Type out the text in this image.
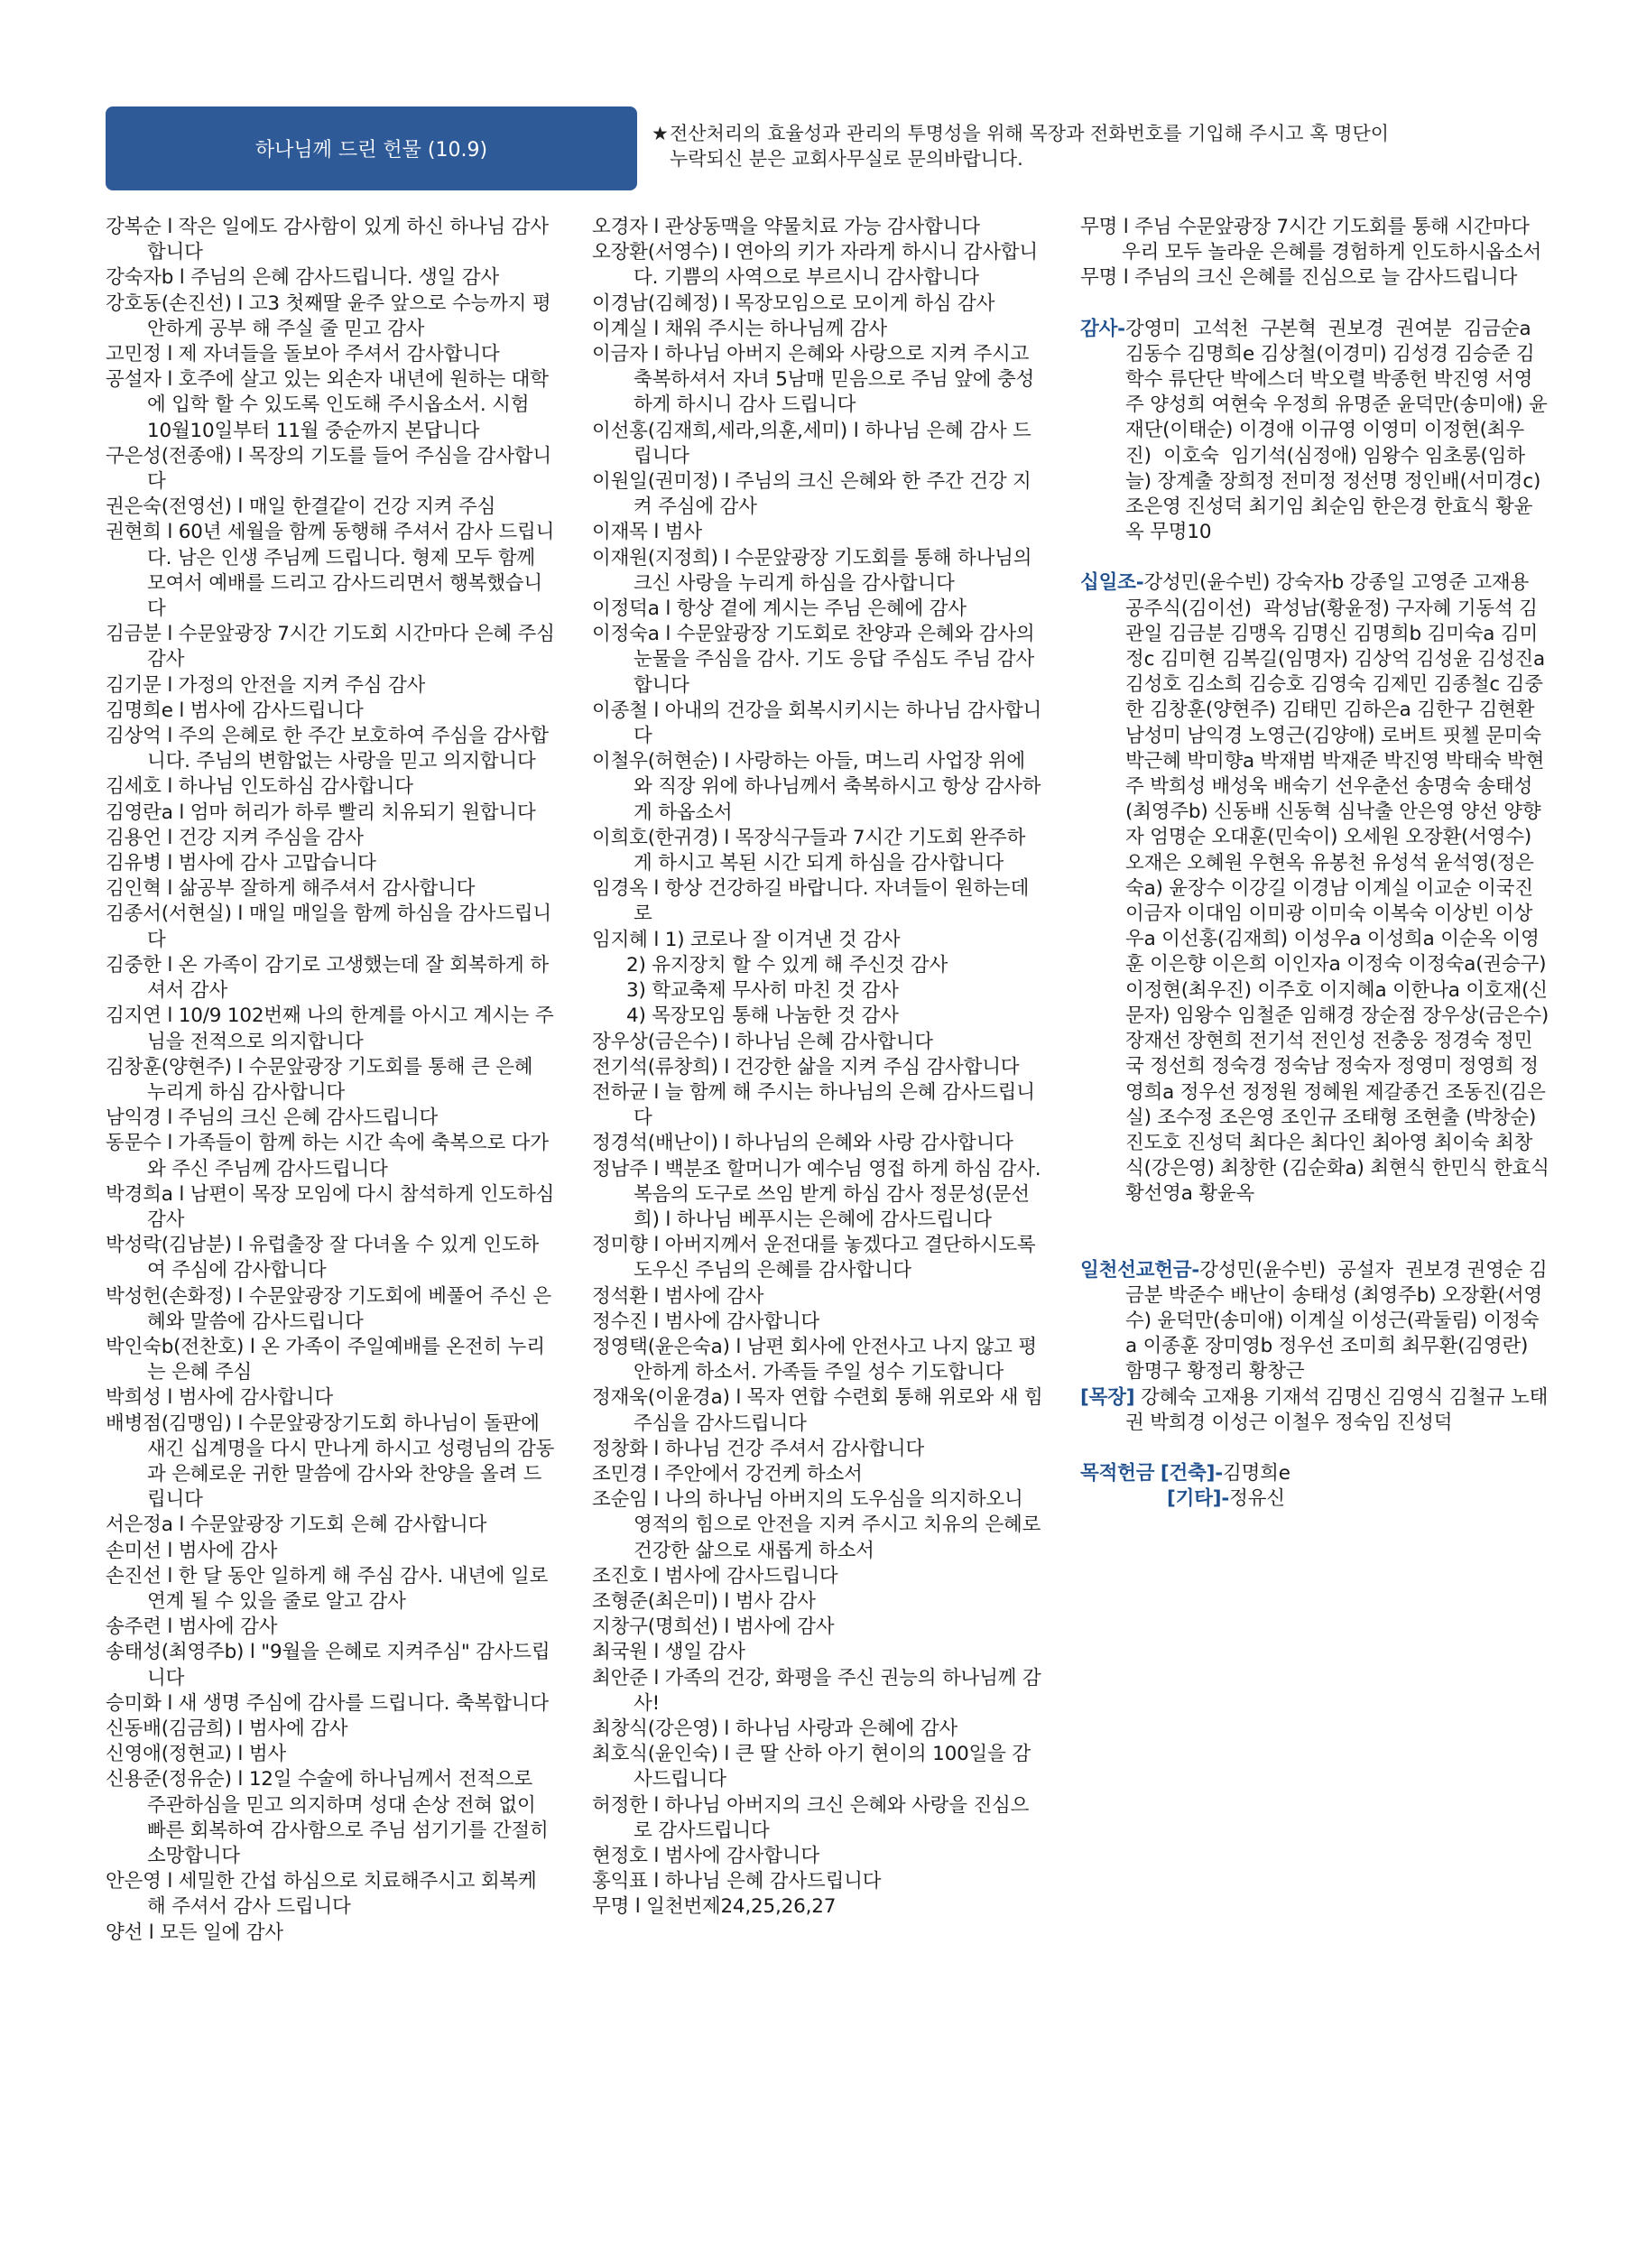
하나님께 드린 헌물 (10.9)
★전산처리의 효율성과 관리의 투명성을 위해 목장과 전화번호를 기입해 주시고 혹 명단이
누락되신 분은 교회사무실로 문의바랍니다.

강복순 l 작은 일에도 감사함이 있게 하신 하나님 감사합니다

강숙자b l 주님의 은혜 감사드립니다. 생일 감사

강호동(손진선) l 고3 첫째딸 윤주 앞으로 수능까지 평안하게 공부 해 주실 줄 믿고 감사

고민정 l 제 자녀들을 돌보아 주셔서 감사합니다

공설자 l 호주에 살고 있는 외손자 내년에 원하는 대학에 입학 할 수 있도록 인도해 주시옵소서. 시험 10월10일부터 11월 중순까지 본답니다

구은성(전종애) l 목장의 기도를 들어 주심을 감사합니다

권은숙(전영선) l 매일 한결같이 건강 지켜 주심

권현희 l 60년 세월을 함께 동행해 주셔서 감사 드립니다. 남은 인생 주님께 드립니다. 형제 모두 함께 모여서 예배를 드리고 감사드리면서 행복했습니다

김금분 l 수문앞광장 7시간 기도회 시간마다 은혜 주심 감사

김기문 l 가정의 안전을 지켜 주심 감사

김명희e l 범사에 감사드립니다

김상억 l 주의 은혜로 한 주간 보호하여 주심을 감사합니다. 주님의 변함없는 사랑을 믿고 의지합니다

김세호 l 하나님 인도하심 감사합니다

김영란a l 엄마 허리가 하루 빨리 치유되기 원합니다

김용언 l 건강 지켜 주심을 감사

김유병 l 범사에 감사 고맙습니다

김인혁 l 삶공부 잘하게 해주셔서 감사합니다

김종서(서현실) l 매일 매일을 함께 하심을 감사드립니다

김중한 l 온 가족이 감기로 고생했는데 잘 회복하게 하셔서 감사

김지연 l 10/9 102번째 나의 한계를 아시고 계시는 주님을 전적으로 의지합니다

김창훈(양현주) l 수문앞광장 기도회를 통해 큰 은혜 누리게 하심 감사합니다

남익경 l 주님의 크신 은혜 감사드립니다

동문수 l 가족들이 함께 하는 시간 속에 축복으로 다가와 주신 주님께 감사드립니다

박경희a l 남편이 목장 모임에 다시 참석하게 인도하심 감사

박성락(김남분) l 유럽출장 잘 다녀올 수 있게 인도하여 주심에 감사합니다

박성헌(손화정) l 수문앞광장 기도회에 베풀어 주신 은혜와 말씀에 감사드립니다

박인숙b(전찬호) l 온 가족이 주일예배를 온전히 누리는 은혜 주심

박희성 l 범사에 감사합니다

배병점(김맹임) l 수문앞광장기도회 하나님이 돌판에 새긴 십계명을 다시 만나게 하시고 성령님의 감동과 은혜로운 귀한 말씀에 감사와 찬양을 올려 드립니다

서은정a l 수문앞광장 기도회 은혜 감사합니다

손미선 l 범사에 감사

손진선 l 한 달 동안 일하게 해 주심 감사. 내년에 일로 연계 될 수 있을 줄로 알고 감사

송주련 l 범사에 감사

송태성(최영주b) l "9월을 은혜로 지켜주심" 감사드립니다

승미화 l 새 생명 주심에 감사를 드립니다. 축복합니다

신동배(김금희) l 범사에 감사

신영애(정현교) l 범사

신용준(정유순) l 12일 수술에 하나님께서 전적으로 주관하심을 믿고 의지하며 성대 손상 전혀 없이 빠른 회복하여 감사함으로 주님 섬기기를 간절히 소망합니다

안은영 l 세밀한 간섭 하심으로 치료해주시고 회복케 해 주셔서 감사 드립니다

양선 l 모든 일에 감사

오경자 l 관상동맥을 약물치료 가능 감사합니다

오장환(서영수) l 연아의 키가 자라게 하시니 감사합니다. 기쁨의 사역으로 부르시니 감사합니다

이경남(김혜정) l 목장모임으로 모이게 하심 감사

이계실 l 채워 주시는 하나님께 감사

이금자 l 하나님 아버지 은혜와 사랑으로 지켜 주시고 축복하셔서 자녀 5남매 믿음으로 주님 앞에 충성하게 하시니 감사 드립니다

이선홍(김재희,세라,의훈,세미) l 하나님 은혜 감사 드립니다

이원일(권미정) l 주님의 크신 은혜와 한 주간 건강 지켜 주심에 감사

이재목 l 범사

이재원(지정희) l 수문앞광장 기도회를 통해 하나님의 크신 사랑을 누리게 하심을 감사합니다

이정덕a l 항상 곁에 계시는 주님 은혜에 감사

이정숙a l 수문앞광장 기도회로 찬양과 은혜와 감사의 눈물을 주심을 감사. 기도 응답 주심도 주님 감사합니다

이종철 l 아내의 건강을 회복시키시는 하나님 감사합니다

이철우(허현순) l 사랑하는 아들, 며느리 사업장 위에와 직장 위에 하나님께서 축복하시고 항상 감사하게 하옵소서

이희호(한귀경) l 목장식구들과 7시간 기도회 완주하게 하시고 복된 시간 되게 하심을 감사합니다

임경옥 l 항상 건강하길 바랍니다. 자녀들이 원하는데로

임지혜 l 1) 코로나 잘 이겨낸 것 감사

2) 유지장치 할 수 있게 해 주신것 감사

3) 학교축제 무사히 마친 것 감사

4) 목장모임 통해 나눔한 것 감사

장우상(금은수) l 하나님 은혜 감사합니다

전기석(류창희) l 건강한 삶을 지켜 주심 감사합니다

전하균 l 늘 함께 해 주시는 하나님의 은혜 감사드립니다

정경석(배난이) l 하나님의 은혜와 사랑 감사합니다

정남주 l 백분조 할머니가 예수님 영접 하게 하심 감사. 복음의 도구로 쓰임 받게 하심 감사 정문성(문선희) l 하나님 베푸시는 은혜에 감사드립니다

정미향 l 아버지께서 운전대를 놓겠다고 결단하시도록 도우신 주님의 은혜를 감사합니다

정석환 l 범사에 감사

정수진 l 범사에 감사합니다

정영택(윤은숙a) l 남편 회사에 안전사고 나지 않고 평안하게 하소서. 가족들 주일 성수 기도합니다

정재욱(이윤경a) l 목자 연합 수련회 통해 위로와 새 힘 주심을 감사드립니다

정창화 l 하나님 건강 주셔서 감사합니다

조민경 l 주안에서 강건케 하소서

조순임 l 나의 하나님 아버지의 도우심을 의지하오니 영적의 힘으로 안전을 지켜 주시고 치유의 은혜로 건강한 삶으로 새롭게 하소서

조진호 l 범사에 감사드립니다

조형준(최은미) l 범사 감사

지창구(명희선) l 범사에 감사

최국원 l 생일 감사

최안준 l 가족의 건강, 화평을 주신 권능의 하나님께 감사!

최창식(강은영) l 하나님 사랑과 은혜에 감사

최호식(윤인숙) l 큰 딸 산하 아기 현이의 100일을 감사드립니다

허정한 l 하나님 아버지의 크신 은혜와 사랑을 진심으로 감사드립니다

현정호 l 범사에 감사합니다

홍익표 l 하나님 은혜 감사드립니다

무명 l 일천번제24,25,26,27

무명 l 주님 수문앞광장 7시간 기도회를 통해 시간마다 우리 모두 놀라운 은혜를 경험하게 인도하시옵소서

무명 l 주님의 크신 은혜를 진심으로 늘 감사드립니다

감사-강영미  고석천  구본혁  권보경  권여분  김금순a 김동수 김명희e 김상철(이경미) 김성경 김승준 김학수 류단단 박에스더 박오렬 박종헌 박진영 서영주 양성희 여현숙 우정희 유명준 윤덕만(송미애) 윤재단(이태순) 이경애 이규영 이영미 이정현(최우진)  이호숙  임기석(심정애) 임왕수 임초롱(임하늘) 장계출 장희정 전미정 정선명 정인배(서미경c) 조은영 진성덕 최기임 최순임 한은경 한효식 황윤옥 무명10

십일조-강성민(윤수빈) 강숙자b 강종일 고영준 고재용  공주식(김이선)  곽성남(황윤정) 구자혜 기동석 김관일 김금분 김맹옥 김명신 김명희b 김미숙a 김미정c 김미현 김복길(임명자) 김상억 김성윤 김성진a 김성호 김소희 김승호 김영숙 김제민 김종철c 김중한 김창훈(양현주) 김태민 김하은a 김한구 김현환 남성미 남익경 노영근(김양애) 로버트 핏첼 문미숙 박근혜 박미향a 박재범 박재준 박진영 박태숙 박현주 박희성 배성욱 배숙기 선우춘선 송명숙 송태성(최영주b) 신동배 신동혁 심낙출 안은영 양선 양향자 엄명순 오대훈(민숙이) 오세원 오장환(서영수) 오재은 오혜원 우현옥 유봉천 유성석 윤석영(정은숙a) 윤장수 이강길 이경남 이계실 이교순 이국진 이금자 이대임 이미광 이미숙 이복숙 이상빈 이상우a 이선홍(김재희) 이성우a 이성희a 이순옥 이영훈 이은향 이은희 이인자a 이정숙 이정숙a(권승구) 이정현(최우진) 이주호 이지혜a 이한나a 이호재(신문자) 임왕수 임철준 임해경 장순점 장우상(금은수) 장재선 장현희 전기석 전인성 전충웅 정경숙 정민국 정선희 정숙경 정숙남 정숙자 정영미 정영희 정영희a 정우선 정정원 정혜원 제갈종건 조동진(김은실) 조수정 조은영 조인규 조태형 조현출 (박창순) 진도호 진성덕 최다은 최다인 최아영 최이숙 최창식(강은영) 최창한 (김순화a) 최현식 한민식 한효식 황선영a 황윤옥

일천선교헌금-강성민(윤수빈)  공설자  권보경 권영순 김금분 박준수 배난이 송태성 (최영주b) 오장환(서영수) 윤덕만(송미애) 이계실 이성근(곽둘림) 이정숙a 이종훈 장미영b 정우선 조미희 최무환(김영란) 함명구 황정리 황창근

[목장] 강혜숙 고재용 기재석 김명신 김영식 김철규 노태권 박희경 이성근 이철우 정숙임 진성덕

목적헌금 [건축]-김명희e

[기타]-정유신
